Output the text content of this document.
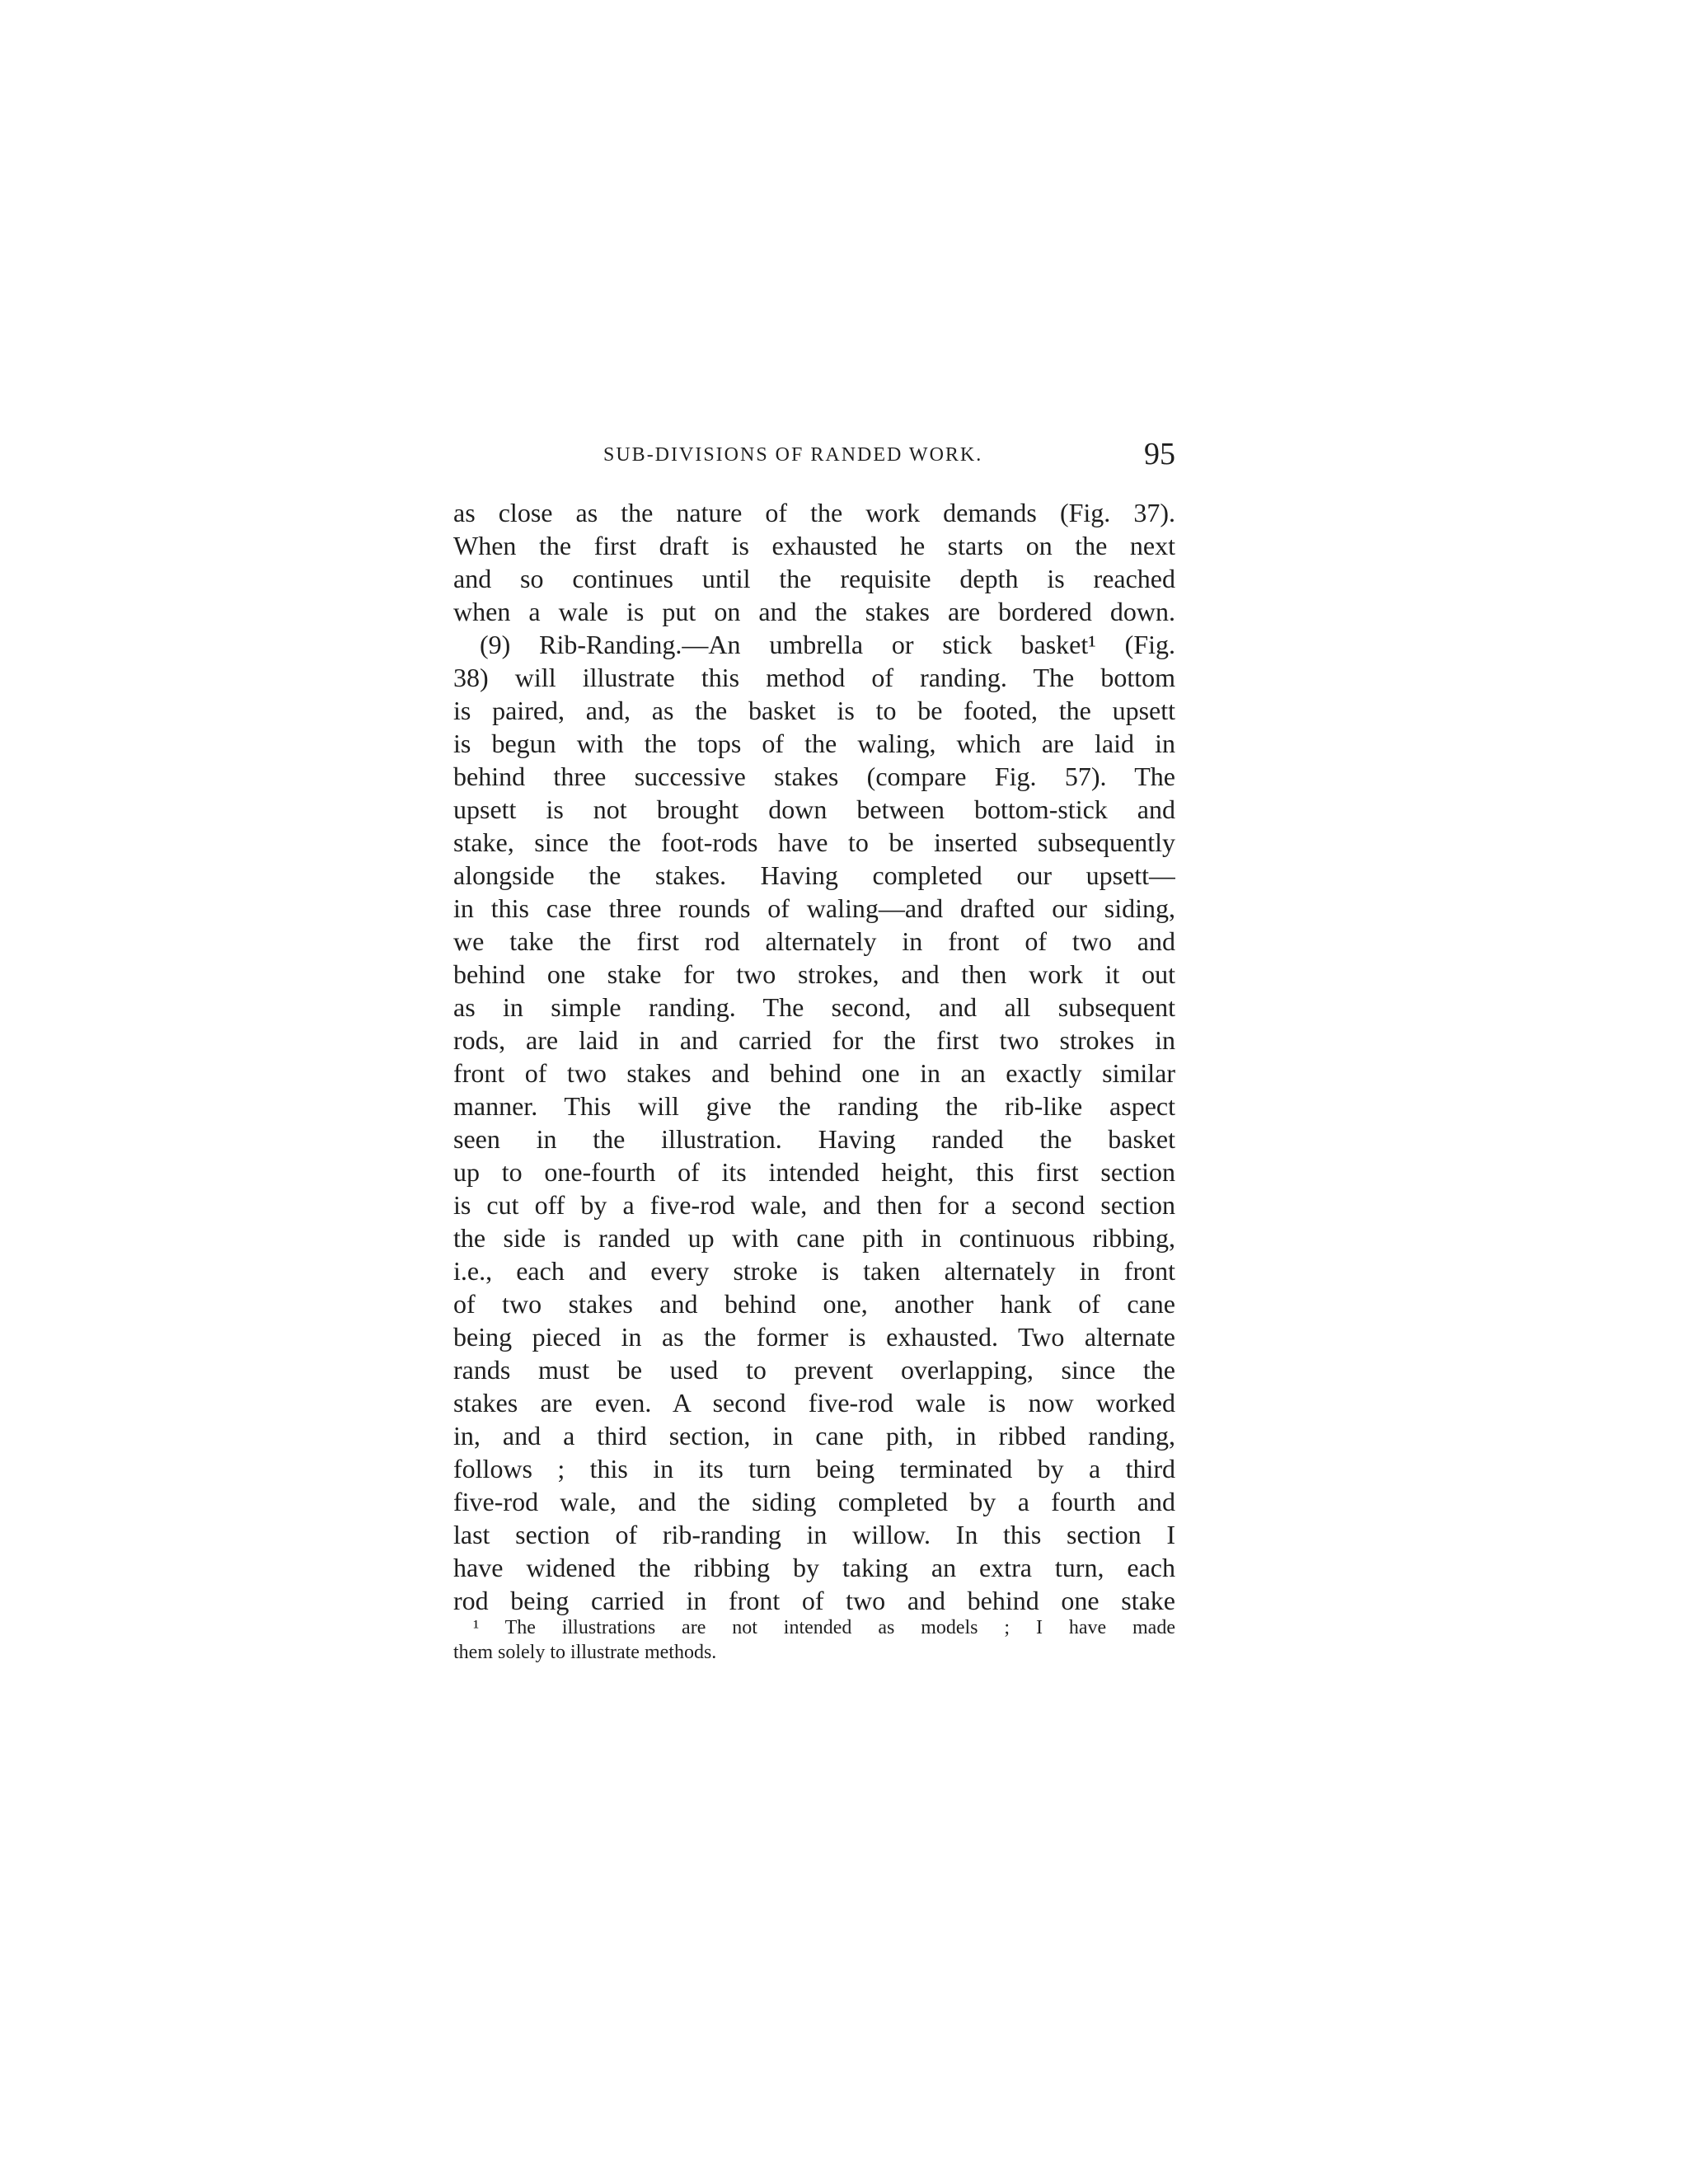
SUB-DIVISIONS OF RANDED WORK.	95
as close as the nature of the work demands (Fig. 37).
When the first draft is exhausted he starts on the next
and so continues until the requisite depth is reached
when a wale is put on and the stakes are bordered down.
(9) Rib-Randing.—An umbrella or stick basket¹ (Fig.
38) will illustrate this method of randing. The bottom
is paired, and, as the basket is to be footed, the upsett
is begun with the tops of the waling, which are laid in
behind three successive stakes (compare Fig. 57). The
upsett is not brought down between bottom-stick and
stake, since the foot-rods have to be inserted subsequently
alongside the stakes. Having completed our upsett—
in this case three rounds of waling—and drafted our siding,
we take the first rod alternately in front of two and
behind one stake for two strokes, and then work it out
as in simple randing. The second, and all subsequent
rods, are laid in and carried for the first two strokes in
front of two stakes and behind one in an exactly similar
manner. This will give the randing the rib-like aspect
seen in the illustration. Having randed the basket
up to one-fourth of its intended height, this first section
is cut off by a five-rod wale, and then for a second section
the side is randed up with cane pith in continuous ribbing,
i.e., each and every stroke is taken alternately in front
of two stakes and behind one, another hank of cane
being pieced in as the former is exhausted. Two alternate
rands must be used to prevent overlapping, since the
stakes are even. A second five-rod wale is now worked
in, and a third section, in cane pith, in ribbed randing,
follows ; this in its turn being terminated by a third
five-rod wale, and the siding completed by a fourth and
last section of rib-randing in willow. In this section I
have widened the ribbing by taking an extra turn, each
rod being carried in front of two and behind one stake
¹ The illustrations are not intended as models ; I have made
them solely to illustrate methods.
